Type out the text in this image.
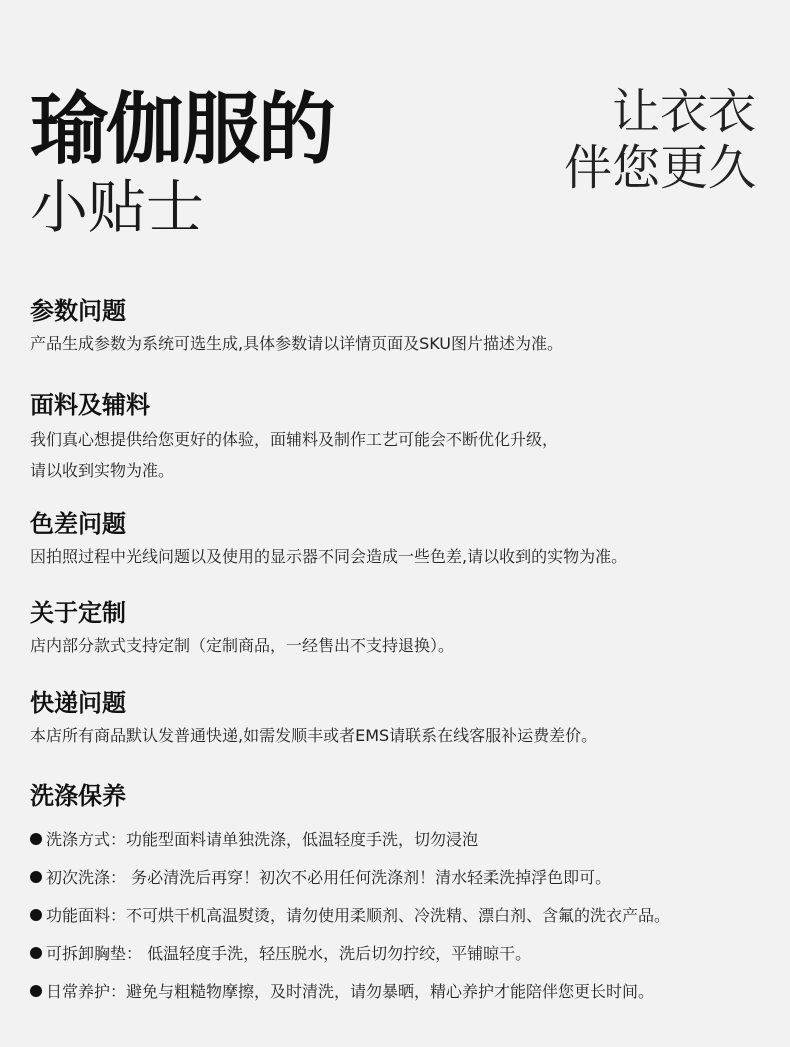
瑜伽服的
小贴士
让衣衣
伴您更久
参数问题

产品生成参数为系统可选生成,具体参数请以详情页面及SKU图片描述为准。

面料及辅料

我们真心想提供给您更好的体验，面辅料及制作工艺可能会不断优化升级，

请以收到实物为准。

色差问题

因拍照过程中光线问题以及使用的显示器不同会造成一些色差,请以收到的实物为准。

关于定制

店内部分款式支持定制（定制商品，一经售出不支持退换）。

快递问题

本店所有商品默认发普通快递,如需发顺丰或者EMS请联系在线客服补运费差价。

洗涤保养
洗涤方式：功能型面料请单独洗涤，低温轻度手洗，切勿浸泡
初次洗涤： 务必清洗后再穿！初次不必用任何洗涤剂！清水轻柔洗掉浮色即可。
功能面料：不可烘干机高温熨烫，请勿使用柔顺剂、冷洗精、漂白剂、含氟的洗衣产品。
可拆卸胸垫： 低温轻度手洗，轻压脱水，洗后切勿拧绞，平铺晾干。
日常养护：避免与粗糙物摩擦，及时清洗，请勿暴晒，精心养护才能陪伴您更长时间。
